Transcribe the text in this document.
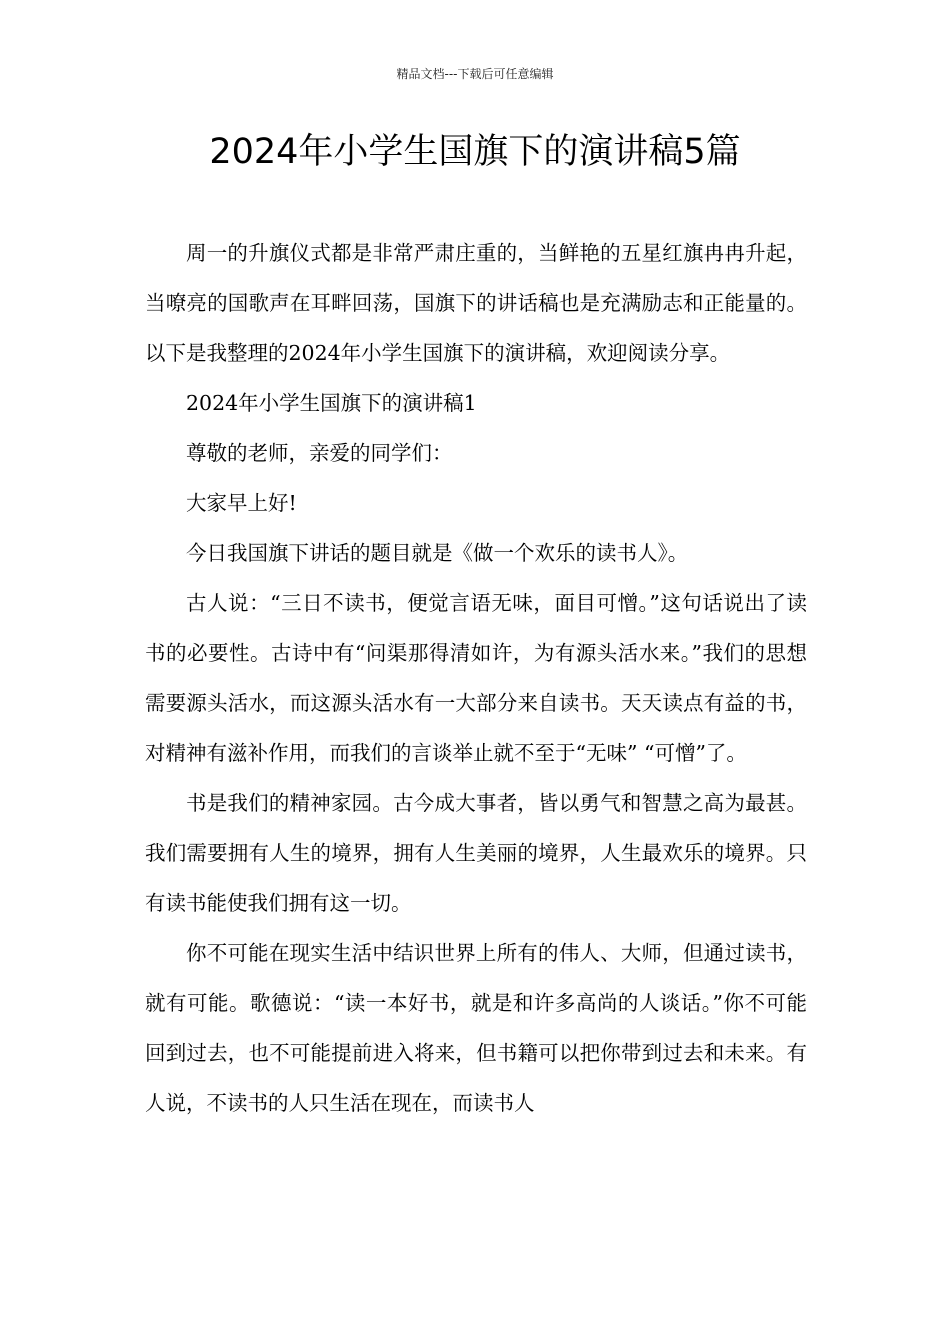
精品文档---下载后可任意编辑
2024年小学生国旗下的演讲稿5篇

周一的升旗仪式都是非常严肃庄重的，当鲜艳的五星红旗冉冉升起，当嘹亮的国歌声在耳畔回荡，国旗下的讲话稿也是充满励志和正能量的。以下是我整理的2024年小学生国旗下的演讲稿，欢迎阅读分享。

2024年小学生国旗下的演讲稿1

尊敬的老师，亲爱的同学们：

大家早上好!

今日我国旗下讲话的题目就是《做一个欢乐的读书人》。

古人说：“三日不读书，便觉言语无味，面目可憎。”这句话说出了读书的必要性。古诗中有“问渠那得清如许，为有源头活水来。”我们的思想需要源头活水，而这源头活水有一大部分来自读书。天天读点有益的书，对精神有滋补作用，而我们的言谈举止就不至于“无味” “可憎”了。

书是我们的精神家园。古今成大事者，皆以勇气和智慧之高为最甚。我们需要拥有人生的境界，拥有人生美丽的境界，人生最欢乐的境界。只有读书能使我们拥有这一切。

你不可能在现实生活中结识世界上所有的伟人、大师，但通过读书，就有可能。歌德说：“读一本好书，就是和许多高尚的人谈话。”你不可能回到过去，也不可能提前进入将来，但书籍可以把你带到过去和未来。有人说，不读书的人只生活在现在，而读书人
